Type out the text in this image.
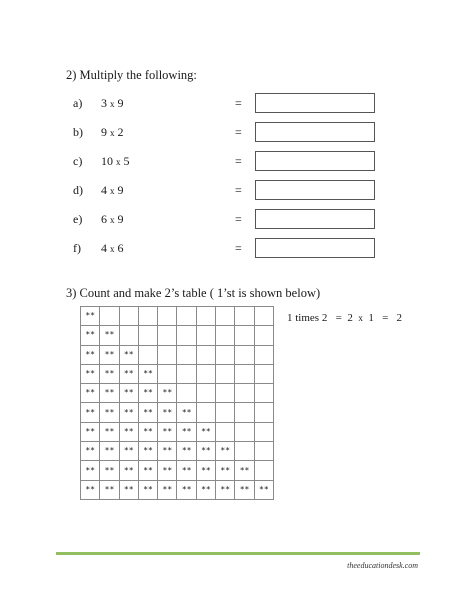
2) Multiply the following:
a) 3 x 9	=
b) 9 x 2	=
c) 10 x 5	=
d) 4 x 9	=
e) 6 x 9	=
f) 4 x 6	=
3) Count and make 2’s table ( 1’st is shown below)
**									
**	**								
**	**	**							
**	**	**	**						
**	**	**	**	**					
**	**	**	**	**	**				
**	**	**	**	**	**	**			
**	**	**	**	**	**	**	**		
**	**	**	**	**	**	**	**	**	
**	**	**	**	**	**	**	**	**	**
1 times 2 = 2 x 1 = 2
theeducationdesk.com
